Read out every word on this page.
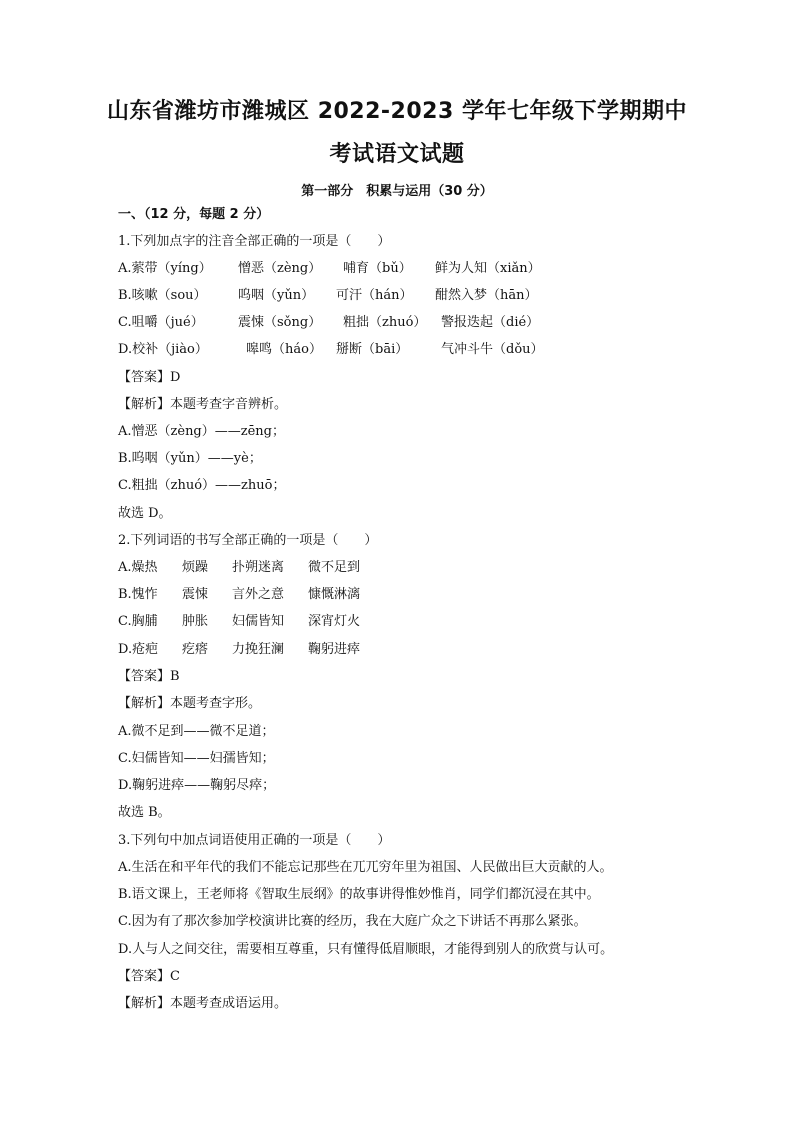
山东省潍坊市潍城区 2022-2023 学年七年级下学期期中
考试语文试题
第一部分　积累与运用（30 分）
一、（12 分，每题 2 分）
1.下列加点字的注音全部正确的一项是（　　）
A.萦带（yíng） 憎恶（zèng） 哺育（bǔ） 鲜为人知（xiǎn）
B.咳嗽（sou） 呜咽（yǔn） 可汗（hán） 酣然入梦（hān）
C.咀嚼（jué）	震悚（sǒng） 粗拙（zhuó） 警报迭起（dié）
D.校补（jiào）	嗥鸣（háo） 掰断（bāi）	气冲斗牛（dǒu）
【答案】D
【解析】本题考查字音辨析。
A.憎恶（zèng）——zēng；
B.呜咽（yǔn）——yè；
C.粗拙（zhuó）——zhuō；
故选 D。
2.下列词语的书写全部正确的一项是（　　）
A.燥热 烦躁 扑朔迷离 微不足到
B.愧怍 震悚 言外之意 慷慨淋漓
C.胸脯 肿胀 妇儒皆知 深宵灯火
D.疮疤 疙瘩 力挽狂澜 鞠躬进瘁
【答案】B
【解析】本题考查字形。
A.微不足到——微不足道；
C.妇儒皆知——妇孺皆知；
D.鞠躬进瘁——鞠躬尽瘁；
故选 B。
3.下列句中加点词语使用正确的一项是（　　）
A.生活在和平年代的我们不能忘记那些在兀兀穷年里为祖国、人民做出巨大贡献的人。
B.语文课上，王老师将《智取生辰纲》的故事讲得惟妙惟肖，同学们都沉浸在其中。
C.因为有了那次参加学校演讲比赛的经历，我在大庭广众之下讲话不再那么紧张。
D.人与人之间交往，需要相互尊重，只有懂得低眉顺眼，才能得到别人的欣赏与认可。
【答案】C
【解析】本题考查成语运用。
